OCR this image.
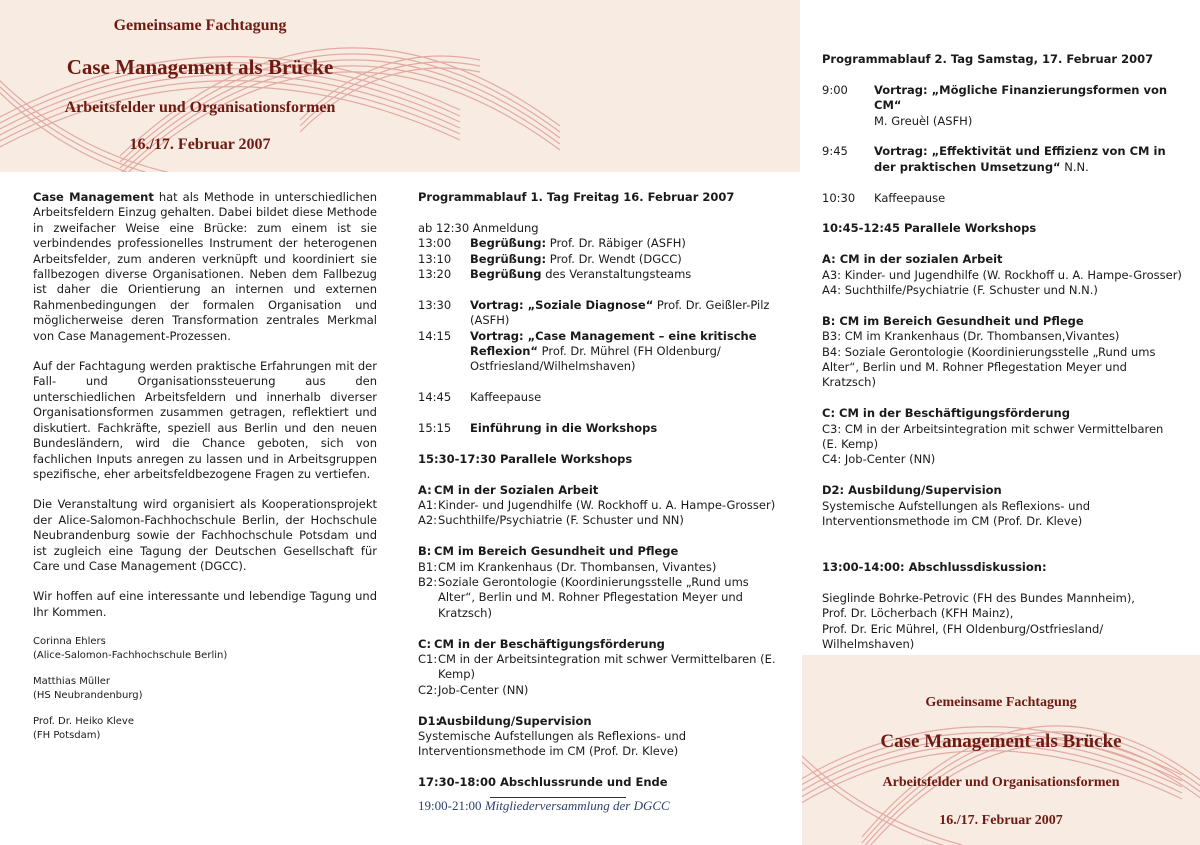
Gemeinsame Fachtagung
Case Management als Brücke
Arbeitsfelder und Organisationsformen
16./17. Februar 2007

Case Management hat als Methode in unterschiedlichen Arbeitsfeldern Einzug gehalten. Dabei bildet diese Methode in zweifacher Weise eine Brücke: zum einem ist sie verbindendes professionelles Instrument der heterogenen Arbeitsfelder, zum anderen verknüpft und koordiniert sie fallbezogen diverse Organisationen. Neben dem Fallbezug ist daher die Orientierung an internen und externen Rahmenbedingungen der formalen Organisation und möglicherweise deren Transformation zentrales Merkmal von Case Management-Prozessen.

Auf der Fachtagung werden praktische Erfahrungen mit der Fall- und Organisationssteuerung aus den unterschiedlichen Arbeitsfeldern und innerhalb diverser Organisationsformen zusammen getragen, reflektiert und diskutiert. Fachkräfte, speziell aus Berlin und den neuen Bundesländern, wird die Chance geboten, sich von fachlichen Inputs anregen zu lassen und in Arbeitsgruppen spezifische, eher arbeitsfeldbezogene Fragen zu vertiefen.

Die Veranstaltung wird organisiert als Kooperationsprojekt der Alice-Salomon-Fachhochschule Berlin, der Hochschule Neubrandenburg sowie der Fachhochschule Potsdam und ist zugleich eine Tagung der Deutschen Gesellschaft für Care und Case Management (DGCC).

Wir hoffen auf eine interessante und lebendige Tagung und Ihr Kommen.

Corinna Ehlers
(Alice-Salomon-Fachhochschule Berlin)
Matthias Müller
(HS Neubrandenburg)
Prof. Dr. Heiko Kleve
(FH Potsdam)

Programmablauf 1. Tag Freitag 16. Februar 2007

ab 12:30 Anmeldung

13:00	Begrüßung: Prof. Dr. Räbiger (ASFH)
13:10	Begrüßung: Prof. Dr. Wendt (DGCC)
13:20	Begrüßung des Veranstaltungsteams
13:30	Vortrag: „Soziale Diagnose“ Prof. Dr. Geißler-Pilz (ASFH)
14:15	Vortrag: „Case Management – eine kritische Reflexion“ Prof. Dr. Mührel (FH Oldenburg/ Ostfriesland/Wilhelmshaven)
14:45	Kaffeepause
15:15	Einführung in die Workshops

15:30-17:30 Parallele Workshops

A: CM in der Sozialen Arbeit
A1: Kinder- und Jugendhilfe (W. Rockhoff u. A. Hampe-Grosser)
A2: Suchthilfe/Psychiatrie (F. Schuster und NN)
B: CM im Bereich Gesundheit und Pflege
B1: CM im Krankenhaus (Dr. Thombansen, Vivantes)
B2: Soziale Gerontologie (Koordinierungsstelle „Rund ums Alter“, Berlin und M. Rohner Pflegestation Meyer und Kratzsch)
C: CM in der Beschäftigungsförderung
C1: CM in der Arbeitsintegration mit schwer Vermittelbaren (E. Kemp)
C2: Job-Center (NN)
D1:
Ausbildung/Supervision

Systemische Aufstellungen als Reflexions- und Interventionsmethode im CM (Prof. Dr. Kleve)

17:30-18:00 Abschlussrunde und Ende

19:00-21:00 Mitgliederversammlung der DGCC

Programmablauf 2. Tag Samstag, 17. Februar 2007

9:00	Vortrag: „Mögliche Finanzierungsformen von CM“
M. Greuèl (ASFH)
9:45	Vortrag: „Effektivität und Effizienz von CM in der praktischen Umsetzung“ N.N.
10:30	Kaffeepause

10:45-12:45 Parallele Workshops

A: CM in der sozialen Arbeit

A3: Kinder- und Jugendhilfe (W. Rockhoff u. A. Hampe-Grosser)

A4: Suchthilfe/Psychiatrie (F. Schuster und N.N.)

B: CM im Bereich Gesundheit und Pflege

B3: CM im Krankenhaus (Dr. Thombansen,Vivantes)

B4: Soziale Gerontologie (Koordinierungsstelle „Rund ums Alter“, Berlin und M. Rohner Pflegestation Meyer und Kratzsch)

C: CM in der Beschäftigungsförderung

C3: CM in der Arbeitsintegration mit schwer Vermittelbaren (E. Kemp)

C4: Job-Center (NN)

D2: Ausbildung/Supervision

Systemische Aufstellungen als Reflexions- und Interventionsmethode im CM (Prof. Dr. Kleve)

13:00-14:00: Abschlussdiskussion:

Sieglinde Bohrke-Petrovic (FH des Bundes Mannheim),

Prof. Dr. Löcherbach (KFH Mainz),

Prof. Dr. Eric Mührel, (FH Oldenburg/Ostfriesland/

Wilhelmshaven)

Gemeinsame Fachtagung
Case Management als Brücke
Arbeitsfelder und Organisationsformen
16./17. Februar 2007
